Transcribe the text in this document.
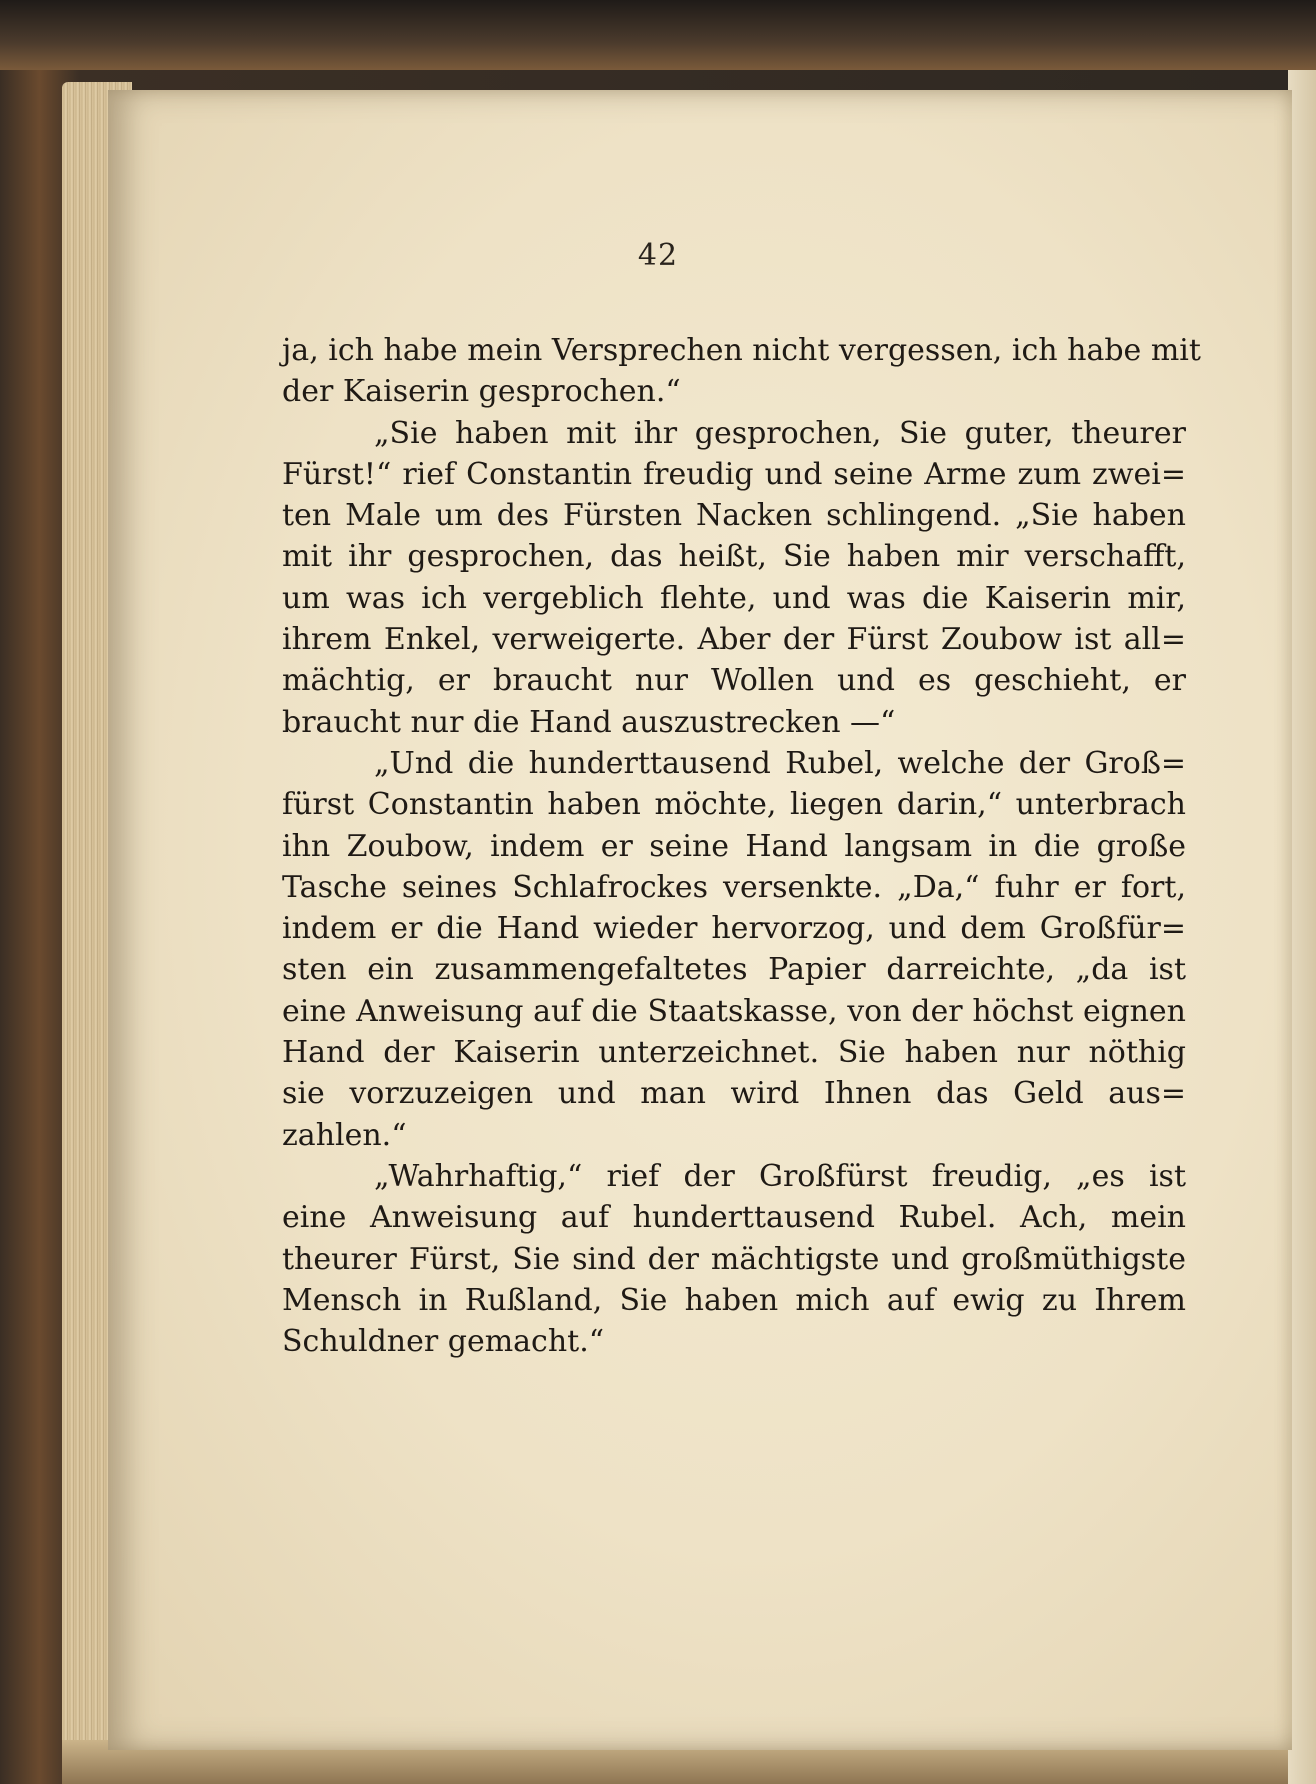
42
ja, ich habe mein Versprechen nicht vergessen, ich habe mit
der Kaiserin gesprochen.“
„Sie haben mit ihr gesprochen, Sie guter, theurer
Fürst!“ rief Constantin freudig und seine Arme zum zwei=
ten Male um des Fürsten Nacken schlingend. „Sie haben
mit ihr gesprochen, das heißt, Sie haben mir verschafft,
um was ich vergeblich flehte, und was die Kaiserin mir,
ihrem Enkel, verweigerte. Aber der Fürst Zoubow ist all=
mächtig, er braucht nur Wollen und es geschieht, er
braucht nur die Hand auszustrecken —“
„Und die hunderttausend Rubel, welche der Groß=
fürst Constantin haben möchte, liegen darin,“ unterbrach
ihn Zoubow, indem er seine Hand langsam in die große
Tasche seines Schlafrockes versenkte. „Da,“ fuhr er fort,
indem er die Hand wieder hervorzog, und dem Großfür=
sten ein zusammengefaltetes Papier darreichte, „da ist
eine Anweisung auf die Staatskasse, von der höchst eignen
Hand der Kaiserin unterzeichnet. Sie haben nur nöthig
sie vorzuzeigen und man wird Ihnen das Geld aus=
zahlen.“
„Wahrhaftig,“ rief der Großfürst freudig, „es ist
eine Anweisung auf hunderttausend Rubel. Ach, mein
theurer Fürst, Sie sind der mächtigste und großmüthigste
Mensch in Rußland, Sie haben mich auf ewig zu Ihrem
Schuldner gemacht.“
